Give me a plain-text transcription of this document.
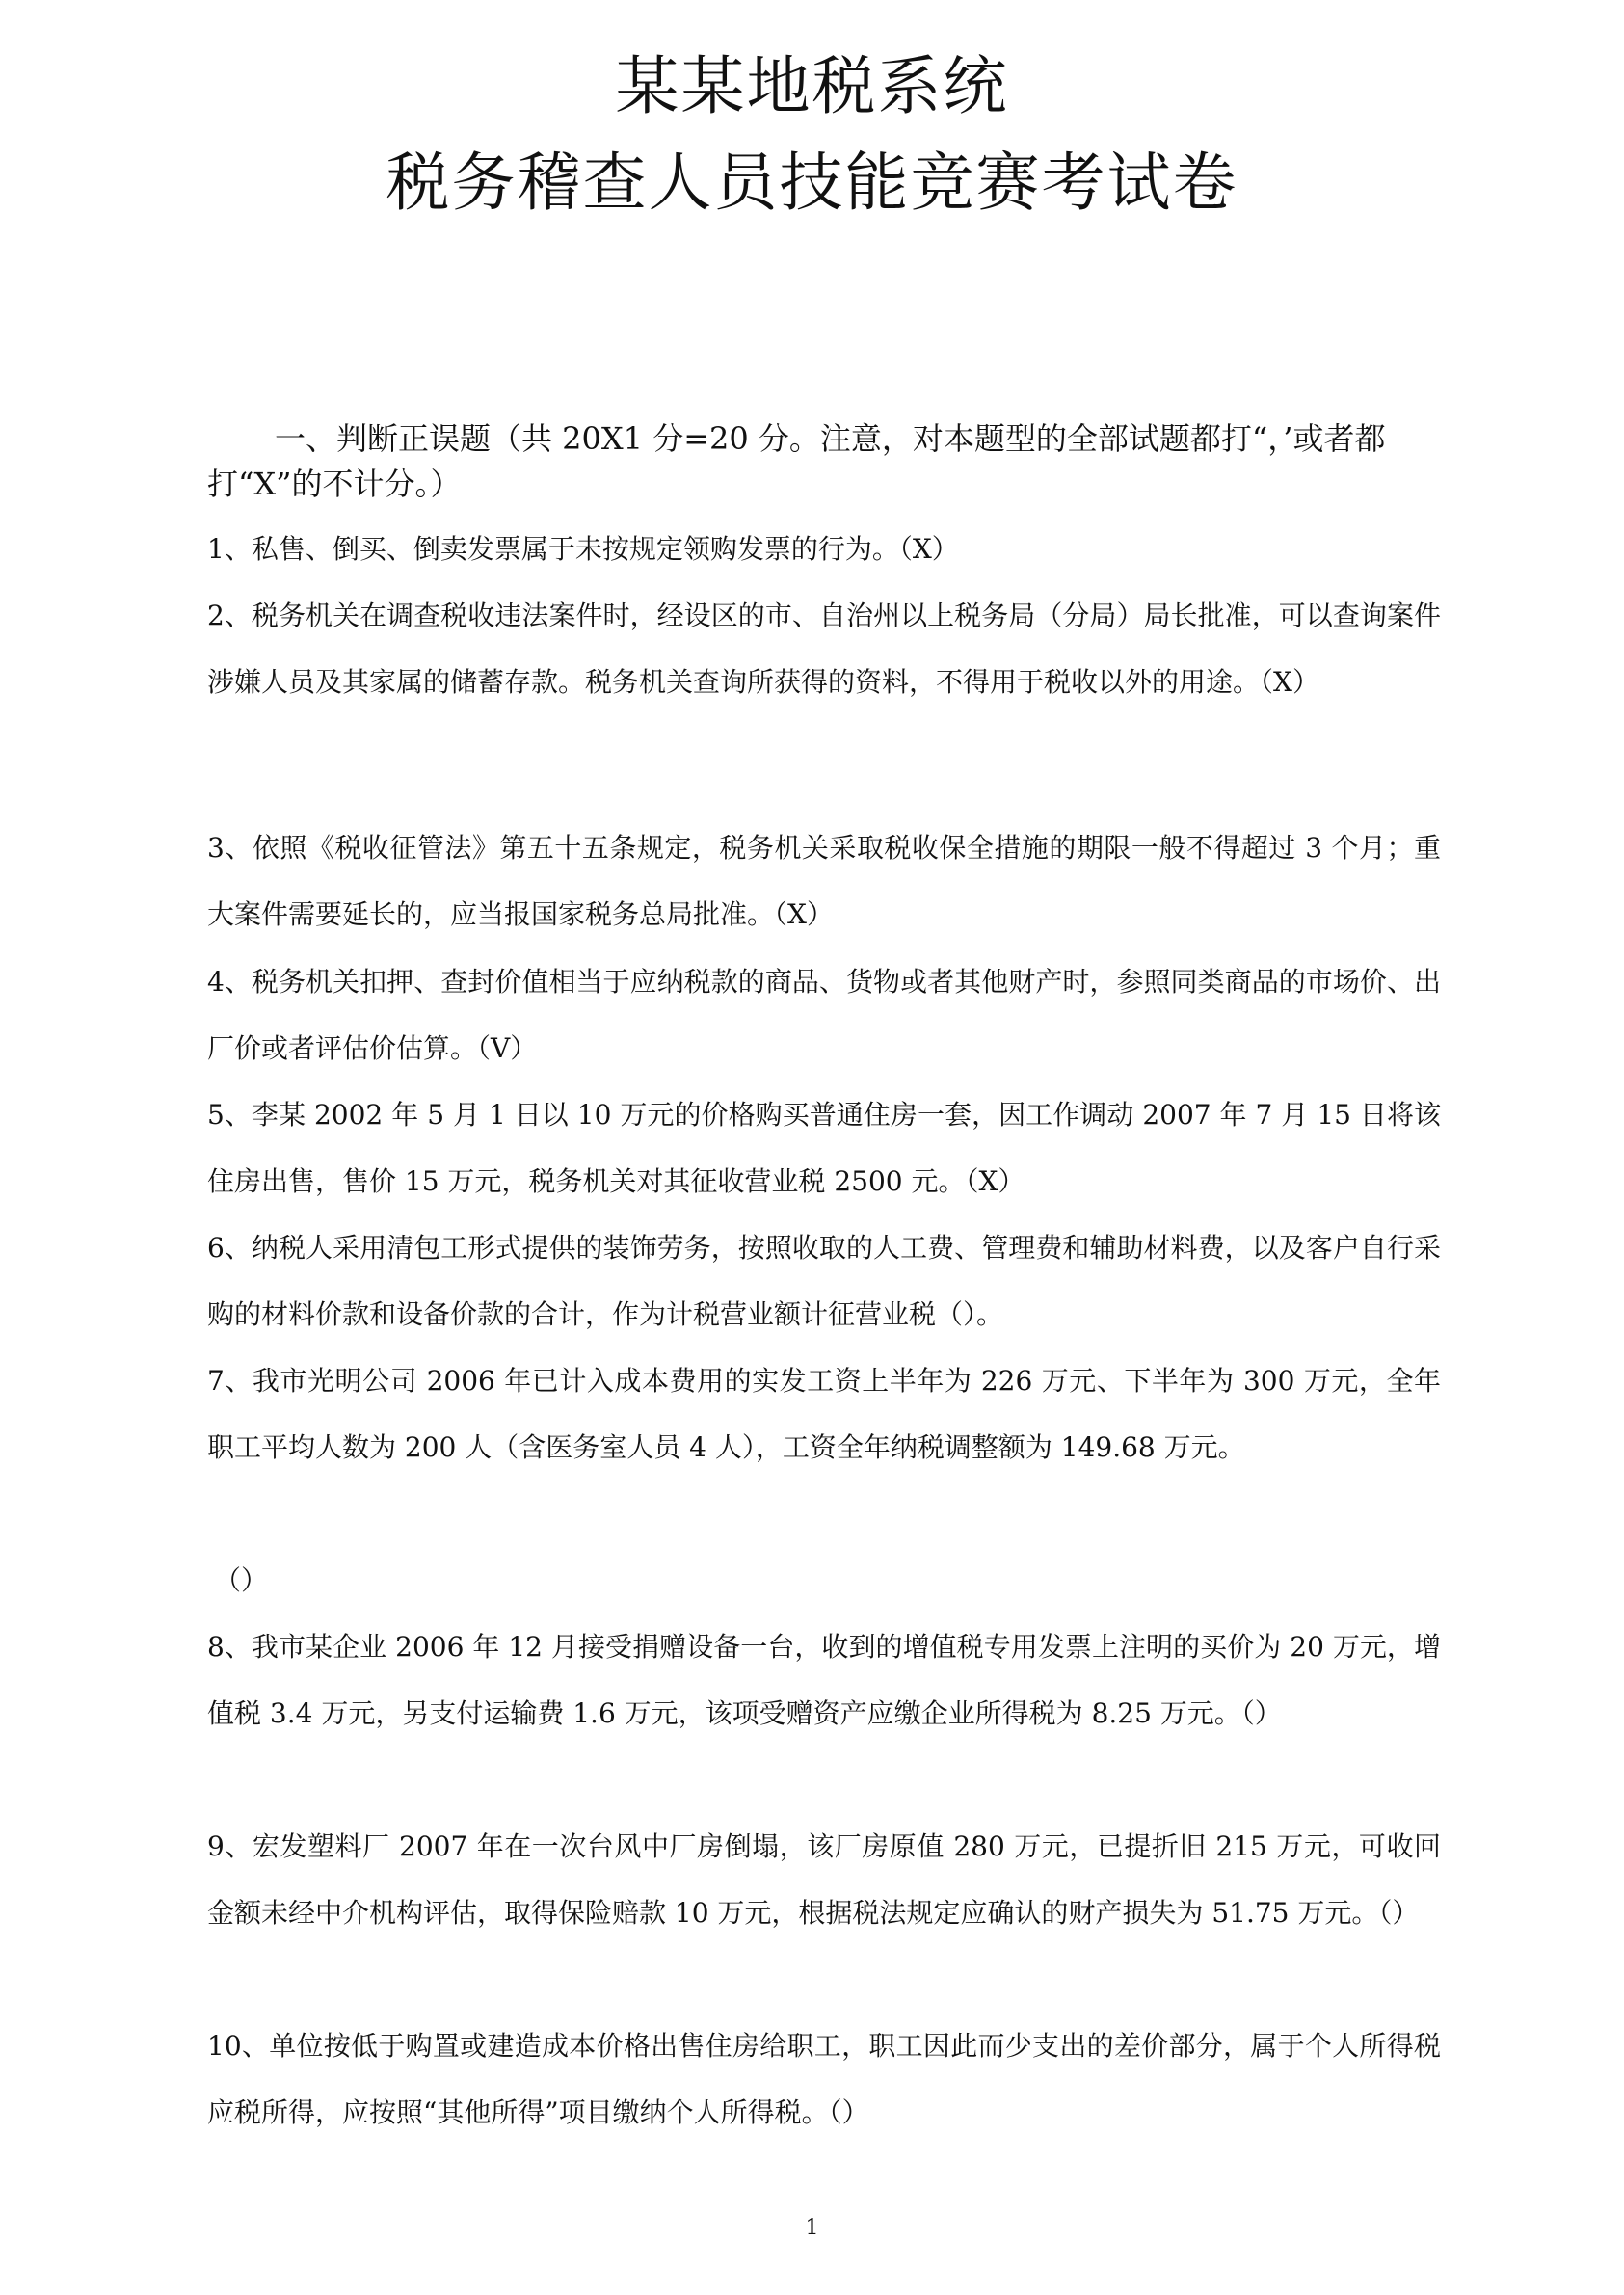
某某地税系统
税务稽查人员技能竞赛考试卷
一、判断正误题（共 20X1 分=20 分。注意，对本题型的全部试题都打“，’或者都打“X”的不计分。）
1、私售、倒买、倒卖发票属于未按规定领购发票的行为。（X）
2、税务机关在调查税收违法案件时，经设区的市、自治州以上税务局（分局）局长批准，可以查询案件涉嫌人员及其家属的储蓄存款。税务机关查询所获得的资料，不得用于税收以外的用途。（X）
3、依照《税收征管法》第五十五条规定，税务机关采取税收保全措施的期限一般不得超过 3 个月；重大案件需要延长的，应当报国家税务总局批准。（X）
4、税务机关扣押、查封价值相当于应纳税款的商品、货物或者其他财产时，参照同类商品的市场价、出厂价或者评估价估算。（V）
5、李某 2002 年 5 月 1 日以 10 万元的价格购买普通住房一套，因工作调动 2007 年 7 月 15 日将该住房出售，售价 15 万元，税务机关对其征收营业税 2500 元。（X）
6、纳税人采用清包工形式提供的装饰劳务，按照收取的人工费、管理费和辅助材料费，以及客户自行采购的材料价款和设备价款的合计，作为计税营业额计征营业税（）。
7、我市光明公司 2006 年已计入成本费用的实发工资上半年为 226 万元、下半年为 300 万元，全年职工平均人数为 200 人（含医务室人员 4 人），工资全年纳税调整额为 149.68 万元。
（）
8、我市某企业 2006 年 12 月接受捐赠设备一台，收到的增值税专用发票上注明的买价为 20 万元，增值税 3.4 万元，另支付运输费 1.6 万元，该项受赠资产应缴企业所得税为 8.25 万元。（）
9、宏发塑料厂 2007 年在一次台风中厂房倒塌，该厂房原值 280 万元，已提折旧 215 万元，可收回金额未经中介机构评估，取得保险赔款 10 万元，根据税法规定应确认的财产损失为 51.75 万元。（）
10、单位按低于购置或建造成本价格出售住房给职工，职工因此而少支出的差价部分，属于个人所得税应税所得，应按照“其他所得”项目缴纳个人所得税。（）
1
